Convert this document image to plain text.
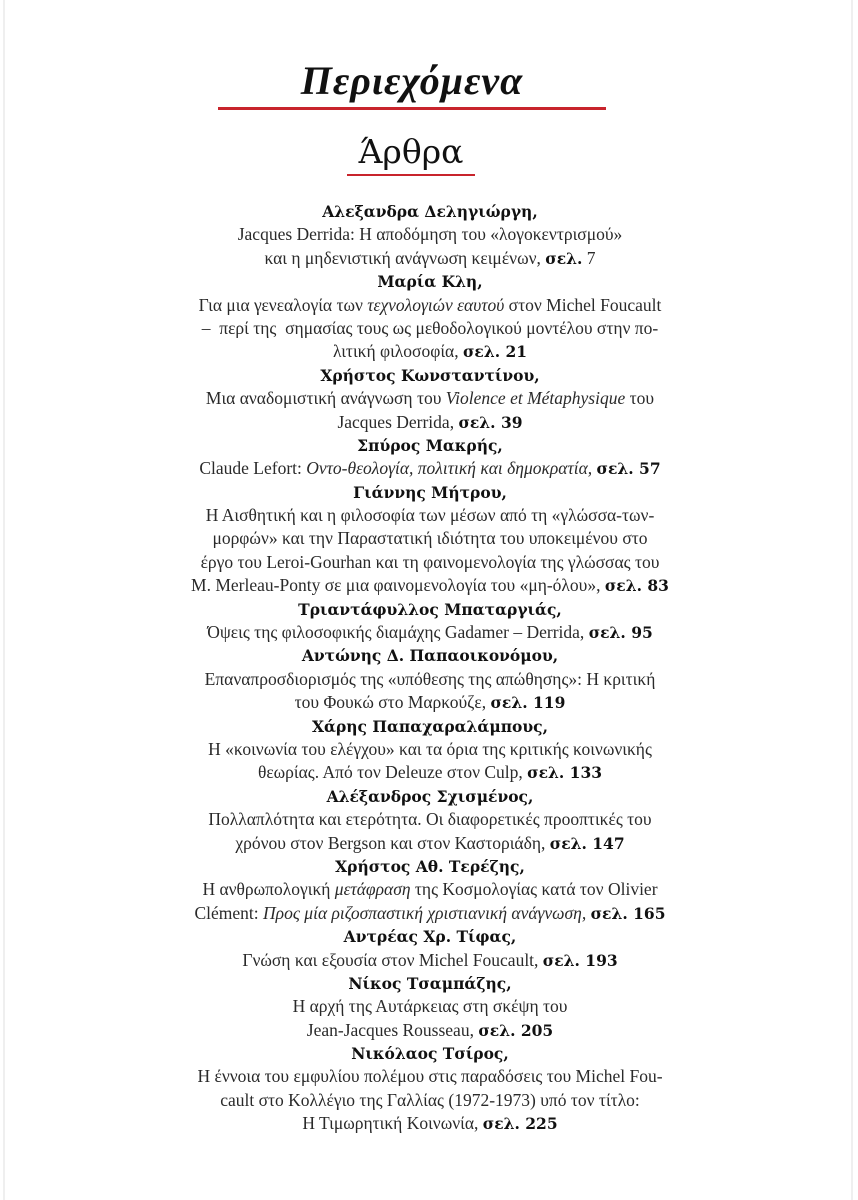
Περιεχόμενα
Άρθρα
Αλεξανδρα Δεληγιώργη,
Jacques Derrida: Η αποδόμηση του «λογοκεντρισμού»
και η μηδενιστική ανάγνωση κειμένων, σελ. 7
Μαρία Κλη,
Για μια γενεαλογία των τεχνολογιών εαυτού στον Michel Foucault
–  περί της  σημασίας τους ως μεθοδολογικού μοντέλου στην πο-
λιτική φιλοσοφία, σελ. 21
Χρήστος Κωνσταντίνου,
Μια αναδομιστική ανάγνωση του Violence et Métaphysique του
Jacques Derrida, σελ. 39
Σπύρος Μακρής,
Claude Lefort: Οντο-θεολογία, πολιτική και δημοκρατία, σελ. 57
Γιάννης Μήτρου,
Η Αισθητική και η φιλοσοφία των μέσων από τη «γλώσσα-των-
μορφών» και την Παραστατική ιδιότητα του υποκειμένου στο
έργο του Leroi-Gourhan και τη φαινομενολογία της γλώσσας του
M. Merleau-Ponty σε μια φαινομενολογία του «μη-όλου», σελ. 83
Τριαντάφυλλος Μπαταργιάς,
Όψεις της φιλοσοφικής διαμάχης Gadamer – Derrida, σελ. 95
Αντώνης Δ. Παπαοικονόμου,
Επαναπροσδιορισμός της «υπόθεσης της απώθησης»: Η κριτική
του Φουκώ στο Μαρκούζε, σελ. 119
Χάρης Παπαχαραλάμπους,
Η «κοινωνία του ελέγχου» και τα όρια της κριτικής κοινωνικής
θεωρίας. Από τον Deleuze στον Culp, σελ. 133
Αλέξανδρος Σχισμένος,
Πολλαπλότητα και ετερότητα. Οι διαφορετικές προοπτικές του
χρόνου στον Bergson και στον Καστοριάδη, σελ. 147
Χρήστος Αθ. Τερέζης,
Η ανθρωπολογική μετάφραση της Κοσμολογίας κατά τον Olivier
Clément: Προς μία ριζοσπαστική χριστιανική ανάγνωση, σελ. 165
Αντρέας Χρ. Τίφας,
Γνώση και εξουσία στον Michel Foucault, σελ. 193
Νίκος Τσαμπάζης,
Η αρχή της Αυτάρκειας στη σκέψη του
Jean-Jacques Rousseau, σελ. 205
Νικόλαος Τσίρος,
Η έννοια του εμφυλίου πολέμου στις παραδόσεις του Michel Fou-
cault στο Κολλέγιο της Γαλλίας (1972-1973) υπό τον τίτλο:
Η Τιμωρητική Κοινωνία, σελ. 225
